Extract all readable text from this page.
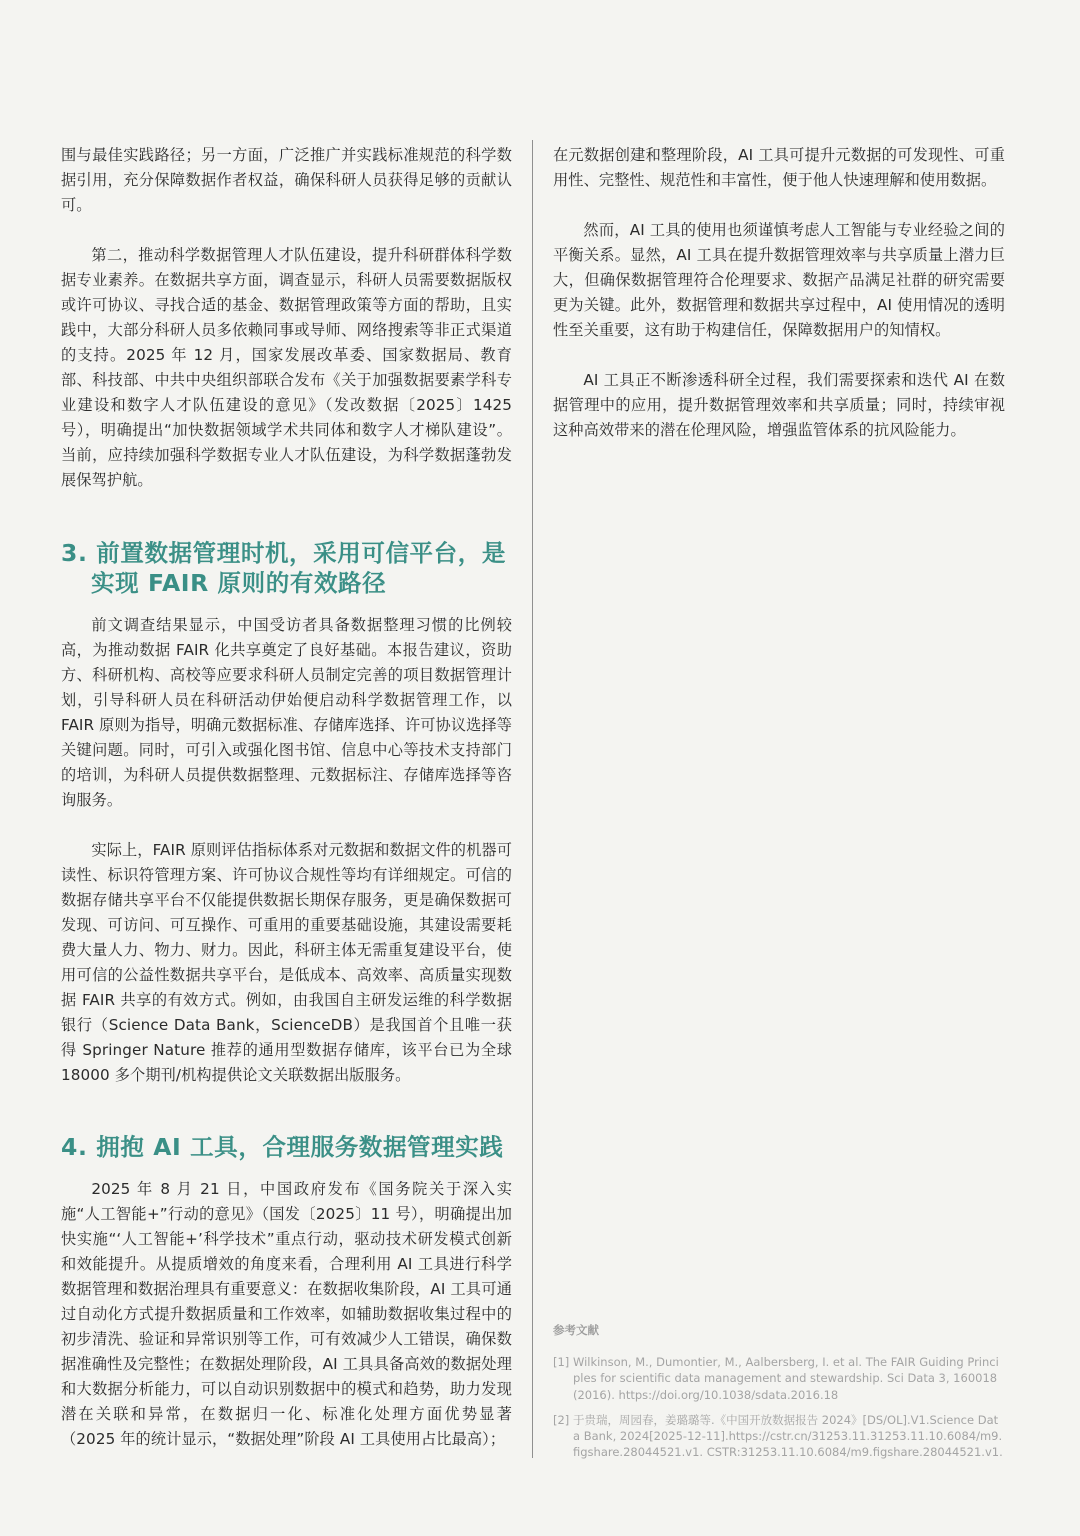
围与最佳实践路径；另一方面，广泛推广并实践标准规范的科学数据引用，充分保障数据作者权益，确保科研人员获得足够的贡献认可。

第二，推动科学数据管理人才队伍建设，提升科研群体科学数据专业素养。在数据共享方面，调查显示，科研人员需要数据版权或许可协议、寻找合适的基金、数据管理政策等方面的帮助，且实践中，大部分科研人员多依赖同事或导师、网络搜索等非正式渠道的支持。2025 年 12 月，国家发展改革委、国家数据局、教育部、科技部、中共中央组织部联合发布《关于加强数据要素学科专业建设和数字人才队伍建设的意见》（发改数据〔2025〕1425 号），明确提出“加快数据领域学术共同体和数字人才梯队建设”。当前，应持续加强科学数据专业人才队伍建设，为科学数据蓬勃发展保驾护航。

3. 前置数据管理时机，采用可信平台，是实现 FAIR 原则的有效路径

前文调查结果显示，中国受访者具备数据整理习惯的比例较高，为推动数据 FAIR 化共享奠定了良好基础。本报告建议，资助方、科研机构、高校等应要求科研人员制定完善的项目数据管理计划，引导科研人员在科研活动伊始便启动科学数据管理工作，以 FAIR 原则为指导，明确元数据标准、存储库选择、许可协议选择等关键问题。同时，可引入或强化图书馆、信息中心等技术支持部门的培训，为科研人员提供数据整理、元数据标注、存储库选择等咨询服务。

实际上，FAIR 原则评估指标体系对元数据和数据文件的机器可读性、标识符管理方案、许可协议合规性等均有详细规定。可信的数据存储共享平台不仅能提供数据长期保存服务，更是确保数据可发现、可访问、可互操作、可重用的重要基础设施，其建设需要耗费大量人力、物力、财力。因此，科研主体无需重复建设平台，使用可信的公益性数据共享平台，是低成本、高效率、高质量实现数据 FAIR 共享的有效方式。例如，由我国自主研发运维的科学数据银行（Science Data Bank，ScienceDB）是我国首个且唯一获得 Springer Nature 推荐的通用型数据存储库，该平台已为全球 18000 多个期刊/机构提供论文关联数据出版服务。

4. 拥抱 AI 工具，合理服务数据管理实践

2025 年 8 月 21 日，中国政府发布《国务院关于深入实施“人工智能+”行动的意见》（国发〔2025〕11 号），明确提出加快实施“‘人工智能+’科学技术”重点行动，驱动技术研发模式创新和效能提升。从提质增效的角度来看，合理利用 AI 工具进行科学数据管理和数据治理具有重要意义：在数据收集阶段，AI 工具可通过自动化方式提升数据质量和工作效率，如辅助数据收集过程中的初步清洗、验证和异常识别等工作，可有效减少人工错误，确保数据准确性及完整性；在数据处理阶段，AI 工具具备高效的数据处理和大数据分析能力，可以自动识别数据中的模式和趋势，助力发现潜在关联和异常，在数据归一化、标准化处理方面优势显著（2025 年的统计显示，“数据处理”阶段 AI 工具使用占比最高）；

在元数据创建和整理阶段，AI 工具可提升元数据的可发现性、可重用性、完整性、规范性和丰富性，便于他人快速理解和使用数据。

然而，AI 工具的使用也须谨慎考虑人工智能与专业经验之间的平衡关系。显然，AI 工具在提升数据管理效率与共享质量上潜力巨大，但确保数据管理符合伦理要求、数据产品满足社群的研究需要更为关键。此外，数据管理和数据共享过程中，AI 使用情况的透明性至关重要，这有助于构建信任，保障数据用户的知情权。

AI 工具正不断渗透科研全过程，我们需要探索和迭代 AI 在数据管理中的应用，提升数据管理效率和共享质量；同时，持续审视这种高效带来的潜在伦理风险，增强监管体系的抗风险能力。

参考文献
[1] Wilkinson, M., Dumontier, M., Aalbersberg, I. et al. The FAIR Guiding Principles for scientific data management and stewardship. Sci Data 3, 160018 (2016). https://doi.org/10.1038/sdata.2016.18
[2] 于贵瑞，周园春，姜璐璐等.《中国开放数据报告 2024》[DS/OL].V1.Science Data Bank, 2024[2025-12-11].https://cstr.cn/31253.11.31253.11.10.6084/m9.figshare.28044521.v1. CSTR:31253.11.10.6084/m9.figshare.28044521.v1.
